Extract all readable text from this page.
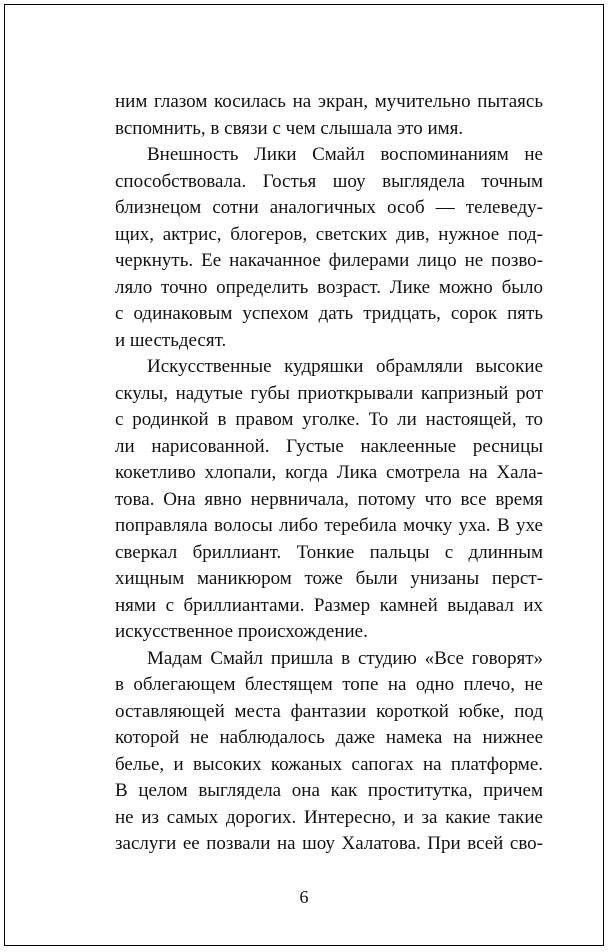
ним глазом косилась на экран, мучительно пытаясь
вспомнить, в связи с чем слышала это имя.
Внешность Лики Смайл воспоминаниям не
способствовала. Гостья шоу выглядела точным
близнецом сотни аналогичных особ — телеведу-
щих, актрис, блогеров, светских див, нужное под-
черкнуть. Ее накачанное филерами лицо не позво-
ляло точно определить возраст. Лике можно было
с одинаковым успехом дать тридцать, сорок пять
и шестьдесят.
Искусственные кудряшки обрамляли высокие
скулы, надутые губы приоткрывали капризный рот
с родинкой в правом уголке. То ли настоящей, то
ли нарисованной. Густые наклеенные ресницы
кокетливо хлопали, когда Лика смотрела на Хала-
това. Она явно нервничала, потому что все время
поправляла волосы либо теребила мочку уха. В ухе
сверкал бриллиант. Тонкие пальцы с длинным
хищным маникюром тоже были унизаны перст-
нями с бриллиантами. Размер камней выдавал их
искусственное происхождение.
Мадам Смайл пришла в студию «Все говорят»
в облегающем блестящем топе на одно плечо, не
оставляющей места фантазии короткой юбке, под
которой не наблюдалось даже намека на нижнее
белье, и высоких кожаных сапогах на платформе.
В целом выглядела она как проститутка, причем
не из самых дорогих. Интересно, и за какие такие
заслуги ее позвали на шоу Халатова. При всей сво-
6
